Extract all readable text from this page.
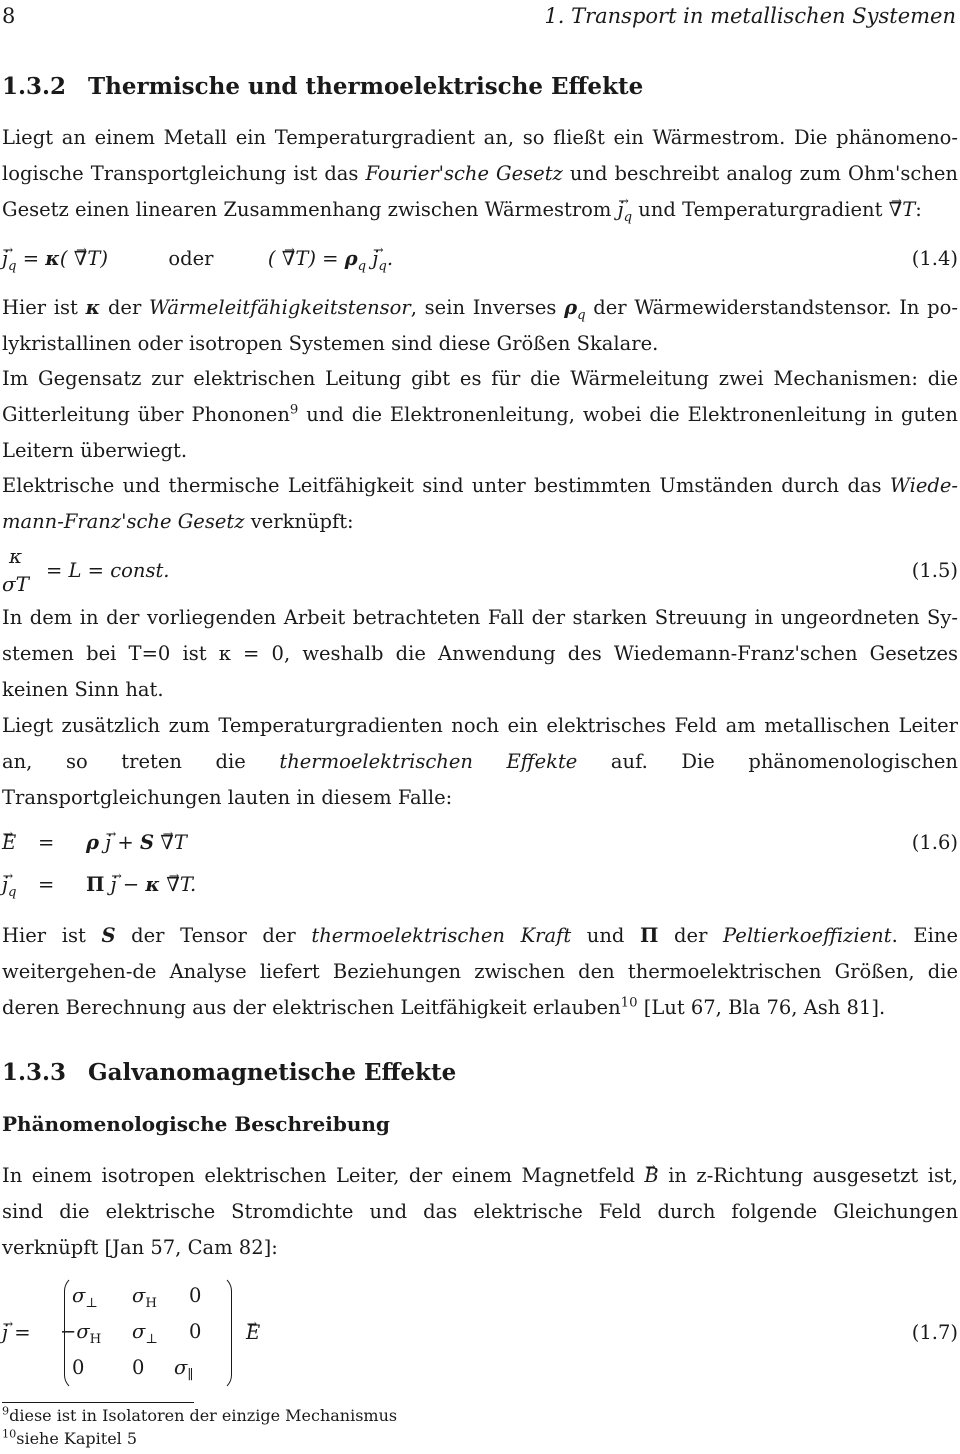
8	1. Transport in metallischen Systemen
1.3.2 Thermische und thermoelektrische Effekte
Liegt an einem Metall ein Temperaturgradient an, so fließt ein Wärmestrom. Die phänomeno-logische Transportgleichung ist das Fourier'sche Gesetz und beschreibt analog zum Ohm'schen Gesetz einen linearen Zusammenhang zwischen Wärmestrom → $j_q$ und Temperaturgradient → ∇T:
→ $j_q = \kappa( \to \nabla T)$	oder	( → $\nabla T) = \rho_q \to j_q$.	(1.4)
Hier ist κ der Wärmeleitfähigkeitstensor, sein Inverses $\rho_q$ der Wärmewiderstandstensor. In po-lykristallinen oder isotropen Systemen sind diese Größen Skalare.
Im Gegensatz zur elektrischen Leitung gibt es für die Wärmeleitung zwei Mechanismen: die Gitterleitung über Phononen$^9$ und die Elektronenleitung, wobei die Elektronenleitung in guten Leitern überwiegt.
Elektrische und thermische Leitfähigkeit sind unter bestimmten Umständen durch das Wiede-mann-Franz'sche Gesetz verknüpft:
κ
σT
= L = const.	(1.5)
In dem in der vorliegenden Arbeit betrachteten Fall der starken Streuung in ungeordneten Sy-stemen bei T=0 ist κ = 0, weshalb die Anwendung des Wiedemann-Franz'schen Gesetzes keinen Sinn hat.
Liegt zusätzlich zum Temperaturgradienten noch ein elektrisches Feld am metallischen Leiter an, so treten die thermoelektrischen Effekte auf. Die phänomenologischen Transportgleichungen lauten in diesem Falle:
→ E = ρ → j + S → ∇T	(1.6)
→ $j_q = \Pi \to j - \kappa \to \nabla T$.
Hier ist S der Tensor der thermoelektrischen Kraft und Π der Peltierkoeffizient. Eine weitergehen-de Analyse liefert Beziehungen zwischen den thermoelektrischen Größen, die deren Berechnung aus der elektrischen Leitfähigkeit erlauben$^{10}$ [Lut 67, Bla 76, Ash 81].
1.3.3 Galvanomagnetische Effekte
Phänomenologische Beschreibung
In einem isotropen elektrischen Leiter, der einem Magnetfeld → B in z-Richtung ausgesetzt ist, sind die elektrische Stromdichte und das elektrische Feld durch folgende Gleichungen verknüpft [Jan 57, Cam 82]:
→ j =	(1.7)
$\sigma_\perp$ $\sigma_H$ 0
$-\sigma_H$ $\sigma_\perp$ 0
0 0 $\sigma_\parallel$
→ E
$^9$diese ist in Isolatoren der einzige Mechanismus
$^{10}$siehe Kapitel 5
